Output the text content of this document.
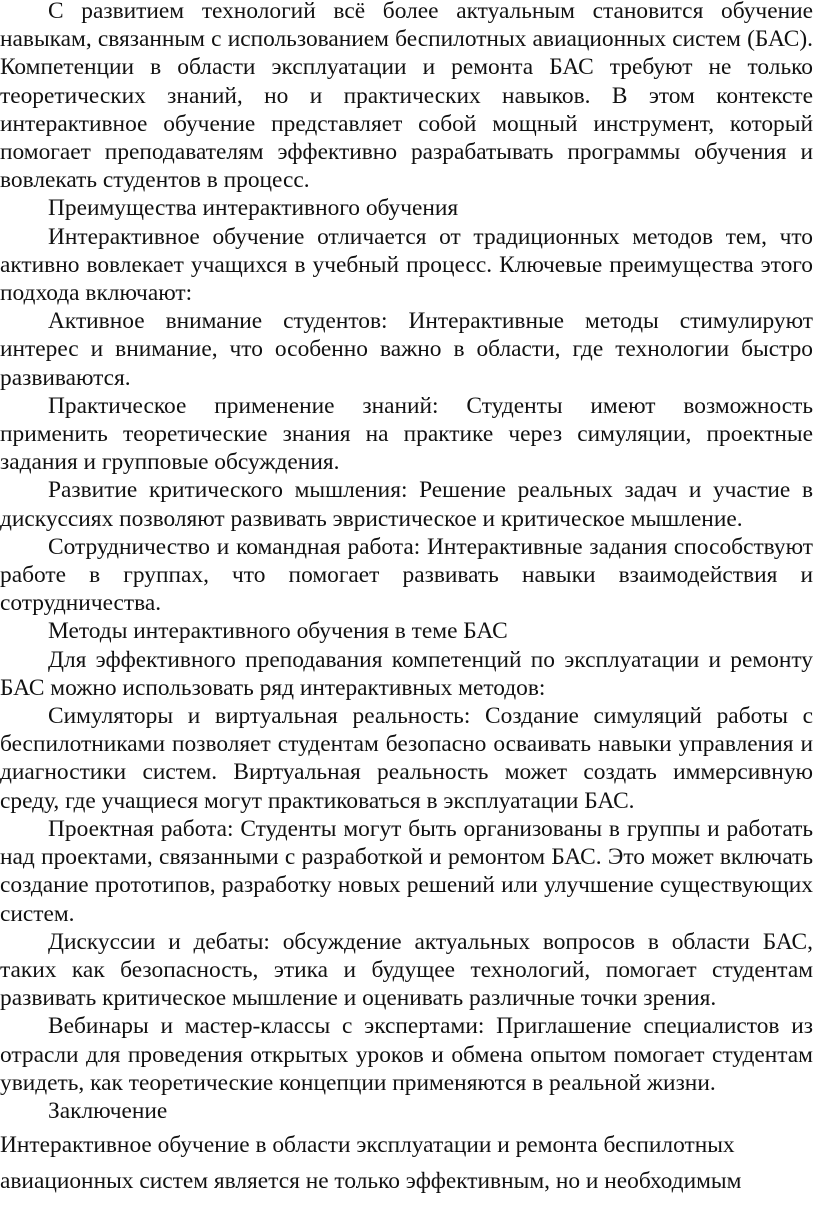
С развитием технологий всё более актуальным становится обучение навыкам, связанным с использованием беспилотных авиационных систем (БАС). Компетенции в области эксплуатации и ремонта БАС требуют не только теоретических знаний, но и практических навыков. В этом контексте интерактивное обучение представляет собой мощный инструмент, который помогает преподавателям эффективно разрабатывать программы обучения и вовлекать студентов в процесс.

Преимущества интерактивного обучения

Интерактивное обучение отличается от традиционных методов тем, что активно вовлекает учащихся в учебный процесс. Ключевые преимущества этого подхода включают:

Активное внимание студентов: Интерактивные методы стимулируют интерес и внимание, что особенно важно в области, где технологии быстро развиваются.

Практическое применение знаний: Студенты имеют возможность применить теоретические знания на практике через симуляции, проектные задания и групповые обсуждения.

Развитие критического мышления: Решение реальных задач и участие в дискуссиях позволяют развивать эвристическое и критическое мышление.

Сотрудничество и командная работа: Интерактивные задания способствуют работе в группах, что помогает развивать навыки взаимодействия и сотрудничества.

Методы интерактивного обучения в теме БАС

Для эффективного преподавания компетенций по эксплуатации и ремонту БАС можно использовать ряд интерактивных методов:

Симуляторы и виртуальная реальность: Создание симуляций работы с беспилотниками позволяет студентам безопасно осваивать навыки управления и диагностики систем. Виртуальная реальность может создать иммерсивную среду, где учащиеся могут практиковаться в эксплуатации БАС.

Проектная работа: Студенты могут быть организованы в группы и работать над проектами, связанными с разработкой и ремонтом БАС. Это может включать создание прототипов, разработку новых решений или улучшение существующих систем.

Дискуссии и дебаты: обсуждение актуальных вопросов в области БАС, таких как безопасность, этика и будущее технологий, помогает студентам развивать критическое мышление и оценивать различные точки зрения.

Вебинары и мастер-классы с экспертами: Приглашение специалистов из отрасли для проведения открытых уроков и обмена опытом помогает студентам увидеть, как теоретические концепции применяются в реальной жизни.

Заключение

Интерактивное обучение в области эксплуатации и ремонта беспилотных авиационных систем является не только эффективным, но и необходимым
